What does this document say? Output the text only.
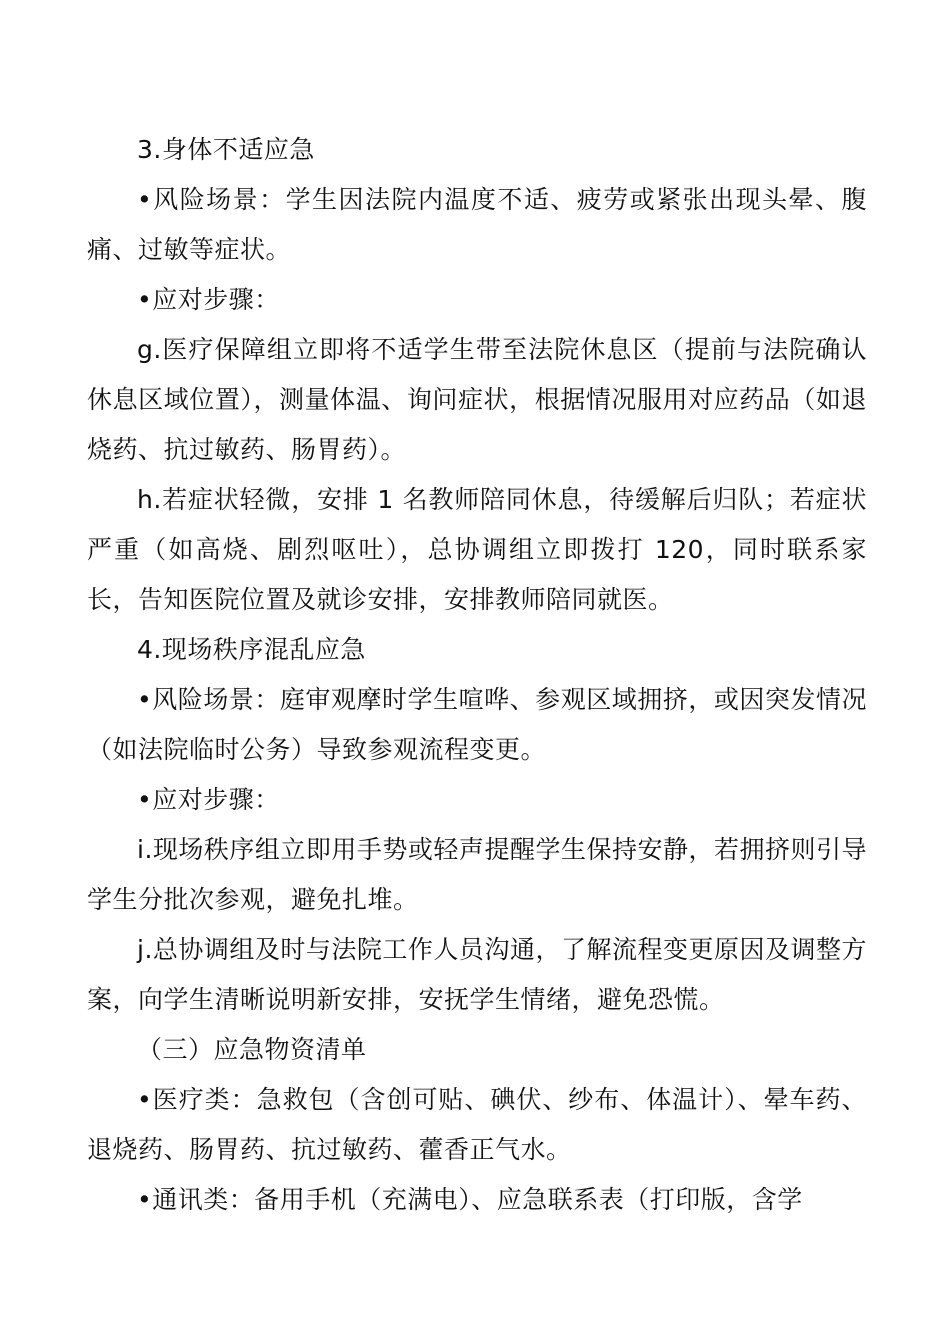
3.身体不适应急

•风险场景：学生因法院内温度不适、疲劳或紧张出现头晕、腹痛、过敏等症状。

•应对步骤：

g.医疗保障组立即将不适学生带至法院休息区（提前与法院确认休息区域位置），测量体温、询问症状，根据情况服用对应药品（如退烧药、抗过敏药、肠胃药）。

h.若症状轻微，安排 1 名教师陪同休息，待缓解后归队；若症状严重（如高烧、剧烈呕吐），总协调组立即拨打 120，同时联系家长，告知医院位置及就诊安排，安排教师陪同就医。

4.现场秩序混乱应急

•风险场景：庭审观摩时学生喧哗、参观区域拥挤，或因突发情况（如法院临时公务）导致参观流程变更。

•应对步骤：

i.现场秩序组立即用手势或轻声提醒学生保持安静，若拥挤则引导学生分批次参观，避免扎堆。

j.总协调组及时与法院工作人员沟通，了解流程变更原因及调整方案，向学生清晰说明新安排，安抚学生情绪，避免恐慌。

（三）应急物资清单

•医疗类：急救包（含创可贴、碘伏、纱布、体温计）、晕车药、退烧药、肠胃药、抗过敏药、藿香正气水。

•通讯类：备用手机（充满电）、应急联系表（打印版，含学
